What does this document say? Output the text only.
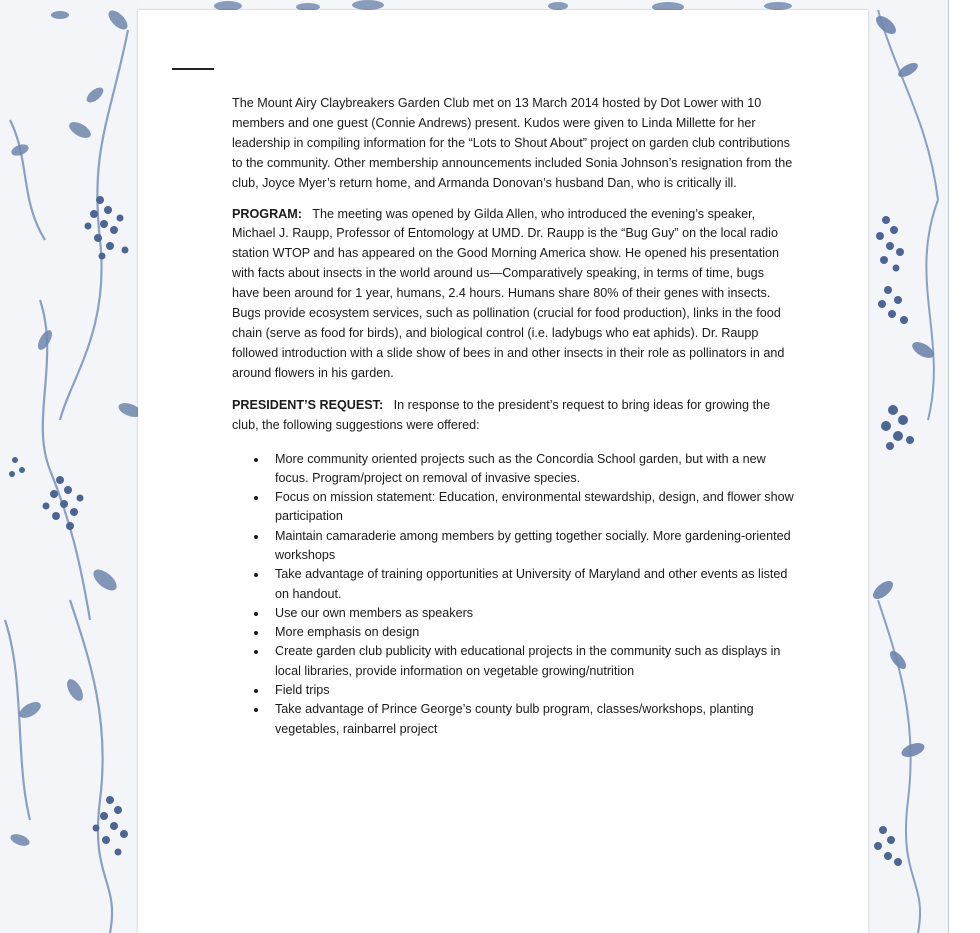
The Mount Airy Claybreakers Garden Club met on 13 March 2014 hosted by Dot Lower with 10 members and one guest (Connie Andrews) present. Kudos were given to Linda Millette for her leadership in compiling information for the “Lots to Shout About” project on garden club contributions to the community. Other membership announcements included Sonia Johnson’s resignation from the club, Joyce Myer’s return home, and Armanda Donovan’s husband Dan, who is critically ill.

PROGRAM: The meeting was opened by Gilda Allen, who introduced the evening’s speaker, Michael J. Raupp, Professor of Entomology at UMD. Dr. Raupp is the “Bug Guy” on the local radio station WTOP and has appeared on the Good Morning America show. He opened his presentation with facts about insects in the world around us—Comparatively speaking, in terms of time, bugs have been around for 1 year, humans, 2.4 hours. Humans share 80% of their genes with insects. Bugs provide ecosystem services, such as pollination (crucial for food production), links in the food chain (serve as food for birds), and biological control (i.e. ladybugs who eat aphids). Dr. Raupp followed introduction with a slide show of bees in and other insects in their role as pollinators in and around flowers in his garden.

PRESIDENT’S REQUEST: In response to the president’s request to bring ideas for growing the club, the following suggestions were offered:

More community oriented projects such as the Concordia School garden, but with a new focus. Program/project on removal of invasive species.
Focus on mission statement: Education, environmental stewardship, design, and flower show participation
Maintain camaraderie among members by getting together socially. More gardening-oriented workshops
Take advantage of training opportunities at University of Maryland and other events as listed on handout.
Use our own members as speakers
More emphasis on design
Create garden club publicity with educational projects in the community such as displays in local libraries, provide information on vegetable growing/nutrition
Field trips
Take advantage of Prince George’s county bulb program, classes/workshops, planting vegetables, rainbarrel project
